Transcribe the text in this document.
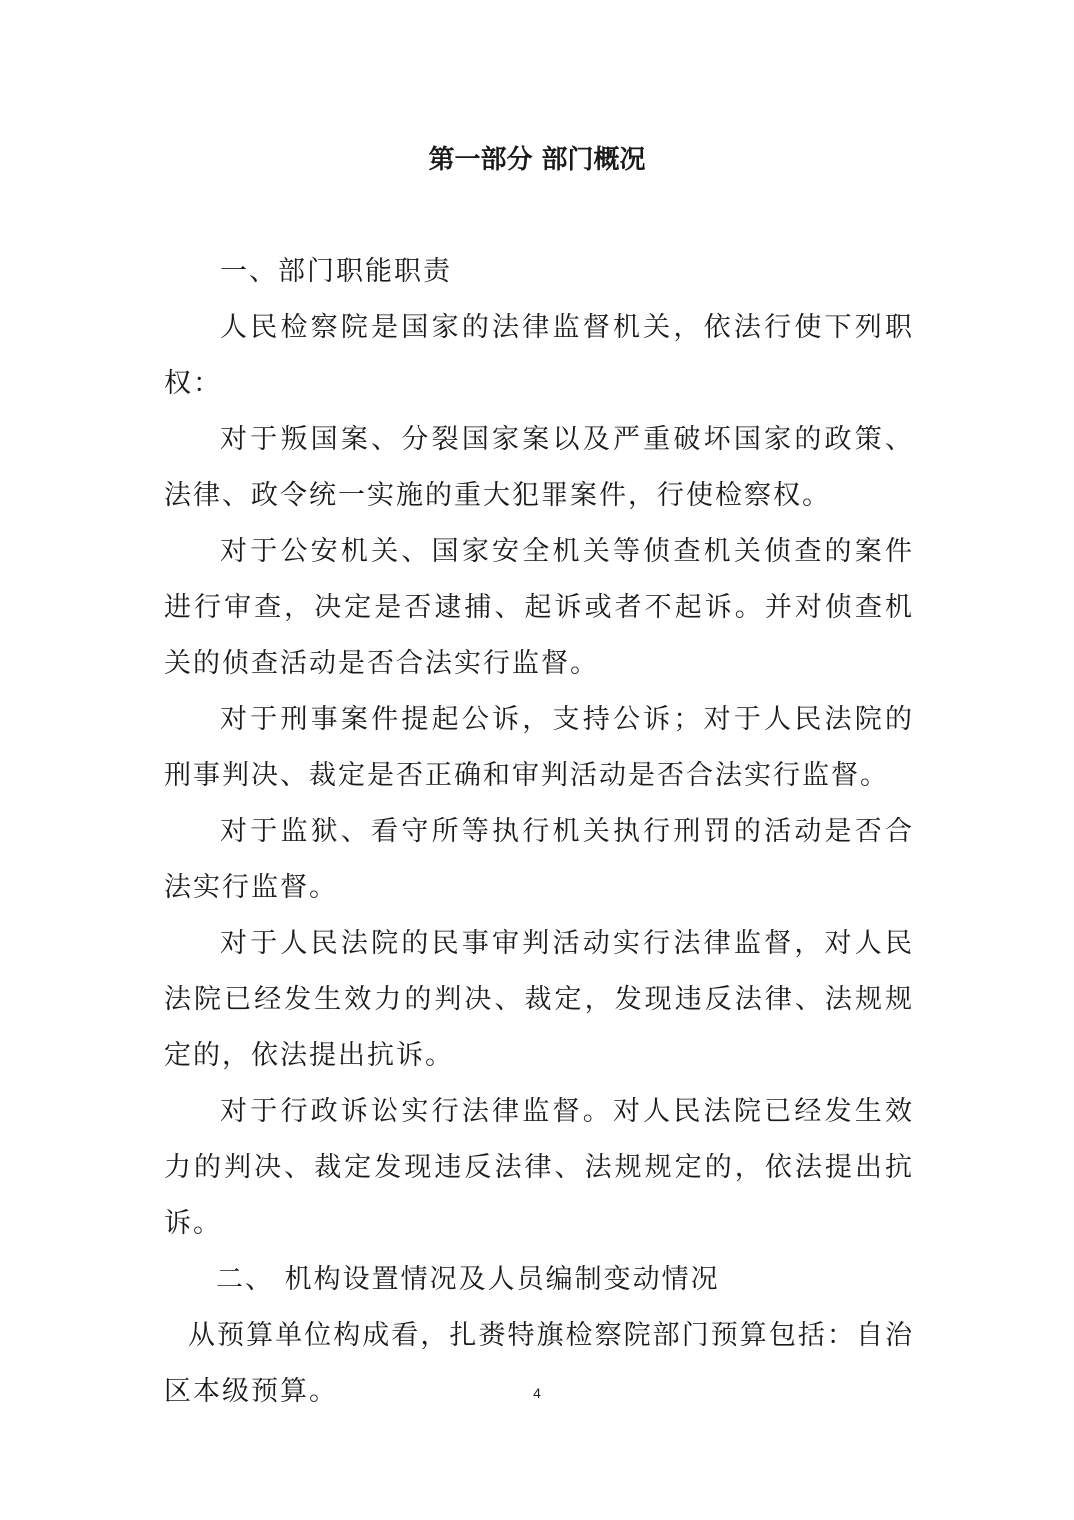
第一部分 部门概况

一、部门职能职责

人民检察院是国家的法律监督机关，依法行使下列职权：

对于叛国案、分裂国家案以及严重破坏国家的政策、法律、政令统一实施的重大犯罪案件，行使检察权。

对于公安机关、国家安全机关等侦查机关侦查的案件进行审查，决定是否逮捕、起诉或者不起诉。并对侦查机关的侦查活动是否合法实行监督。

对于刑事案件提起公诉，支持公诉；对于人民法院的刑事判决、裁定是否正确和审判活动是否合法实行监督。

对于监狱、看守所等执行机关执行刑罚的活动是否合法实行监督。

对于人民法院的民事审判活动实行法律监督，对人民法院已经发生效力的判决、裁定，发现违反法律、法规规定的，依法提出抗诉。

对于行政诉讼实行法律监督。对人民法院已经发生效力的判决、裁定发现违反法律、法规规定的，依法提出抗诉。

二、 机构设置情况及人员编制变动情况

从预算单位构成看，扎赉特旗检察院部门预算包括：自治区本级预算。	4
